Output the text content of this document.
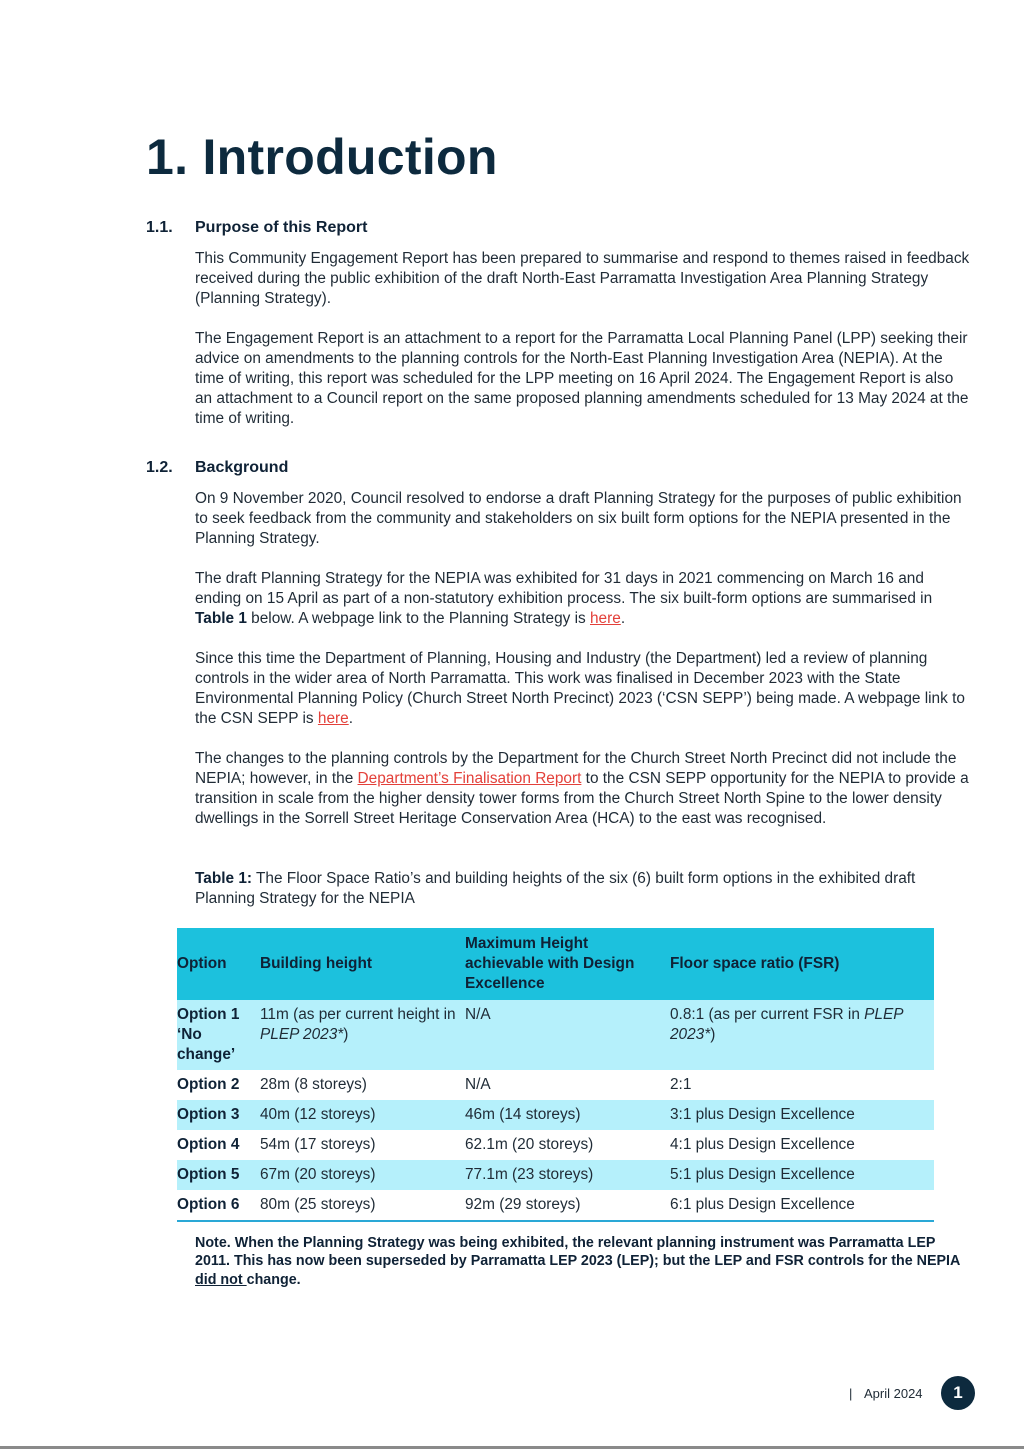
1. Introduction
1.1. Purpose of this Report

This Community Engagement Report has been prepared to summarise and respond to themes raised in feedback received during the public exhibition of the draft North-East Parramatta Investigation Area Planning Strategy (Planning Strategy).

The Engagement Report is an attachment to a report for the Parramatta Local Planning Panel (LPP) seeking their advice on amendments to the planning controls for the North-East Planning Investigation Area (NEPIA). At the time of writing, this report was scheduled for the LPP meeting on 16 April 2024. The Engagement Report is also an attachment to a Council report on the same proposed planning amendments scheduled for 13 May 2024 at the time of writing.

1.2. Background

On 9 November 2020, Council resolved to endorse a draft Planning Strategy for the purposes of public exhibition to seek feedback from the community and stakeholders on six built form options for the NEPIA presented in the Planning Strategy.

The draft Planning Strategy for the NEPIA was exhibited for 31 days in 2021 commencing on March 16 and ending on 15 April as part of a non-statutory exhibition process. The six built-form options are summarised in Table 1 below. A webpage link to the Planning Strategy is here.

Since this time the Department of Planning, Housing and Industry (the Department) led a review of planning controls in the wider area of North Parramatta. This work was finalised in December 2023 with the State Environmental Planning Policy (Church Street North Precinct) 2023 (‘CSN SEPP’) being made. A webpage link to the CSN SEPP is here.

The changes to the planning controls by the Department for the Church Street North Precinct did not include the NEPIA; however, in the Department’s Finalisation Report to the CSN SEPP opportunity for the NEPIA to provide a transition in scale from the higher density tower forms from the Church Street North Spine to the lower density dwellings in the Sorrell Street Heritage Conservation Area (HCA) to the east was recognised.

Table 1: The Floor Space Ratio’s and building heights of the six (6) built form options in the exhibited draft Planning Strategy for the NEPIA

Option	Building height	Maximum Height achievable with Design Excellence	Floor space ratio (FSR)
Option 1 ‘No change’	11m (as per current height in PLEP 2023*)	N/A	0.8:1 (as per current FSR in PLEP 2023*)
Option 2	28m (8 storeys)	N/A	2:1
Option 3	40m (12 storeys)	46m (14 storeys)	3:1 plus Design Excellence
Option 4	54m (17 storeys)	62.1m (20 storeys)	4:1 plus Design Excellence
Option 5	67m (20 storeys)	77.1m (23 storeys)	5:1 plus Design Excellence
Option 6	80m (25 storeys)	92m (29 storeys)	6:1 plus Design Excellence

Note. When the Planning Strategy was being exhibited, the relevant planning instrument was Parramatta LEP 2011. This has now been superseded by Parramatta LEP 2023 (LEP); but the LEP and FSR controls for the NEPIA did not change.

| April 2024	1
